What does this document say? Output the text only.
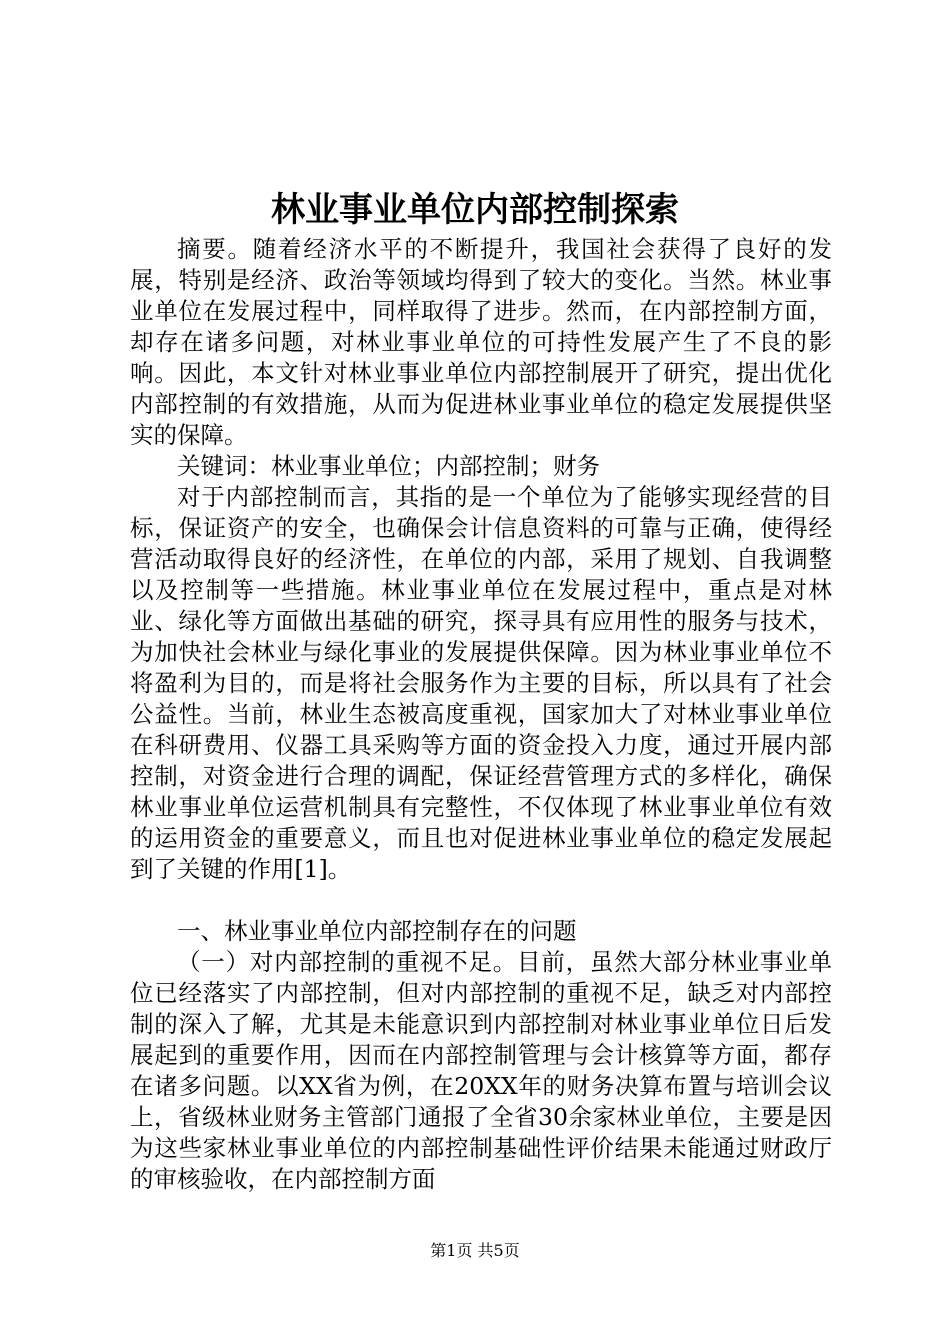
林业事业单位内部控制探索

摘要。随着经济水平的不断提升，我国社会获得了良好的发展，特别是经济、政治等领域均得到了较大的变化。当然。林业事业单位在发展过程中，同样取得了进步。然而，在内部控制方面，却存在诸多问题，对林业事业单位的可持性发展产生了不良的影响。因此，本文针对林业事业单位内部控制展开了研究，提出优化内部控制的有效措施，从而为促进林业事业单位的稳定发展提供坚实的保障。

关键词：林业事业单位；内部控制；财务

对于内部控制而言，其指的是一个单位为了能够实现经营的目标，保证资产的安全，也确保会计信息资料的可靠与正确，使得经营活动取得良好的经济性，在单位的内部，采用了规划、自我调整以及控制等一些措施。林业事业单位在发展过程中，重点是对林业、绿化等方面做出基础的研究，探寻具有应用性的服务与技术，为加快社会林业与绿化事业的发展提供保障。因为林业事业单位不将盈利为目的，而是将社会服务作为主要的目标，所以具有了社会公益性。当前，林业生态被高度重视，国家加大了对林业事业单位在科研费用、仪器工具采购等方面的资金投入力度，通过开展内部控制，对资金进行合理的调配，保证经营管理方式的多样化，确保林业事业单位运营机制具有完整性，不仅体现了林业事业单位有效的运用资金的重要意义，而且也对促进林业事业单位的稳定发展起到了关键的作用[1]。

一、林业事业单位内部控制存在的问题

（一）对内部控制的重视不足。目前，虽然大部分林业事业单位已经落实了内部控制，但对内部控制的重视不足，缺乏对内部控制的深入了解，尤其是未能意识到内部控制对林业事业单位日后发展起到的重要作用，因而在内部控制管理与会计核算等方面，都存在诸多问题。以XX省为例，在20XX年的财务决算布置与培训会议上，省级林业财务主管部门通报了全省30余家林业单位，主要是因为这些家林业事业单位的内部控制基础性评价结果未能通过财政厅的审核验收，在内部控制方面

第1页 共5页
